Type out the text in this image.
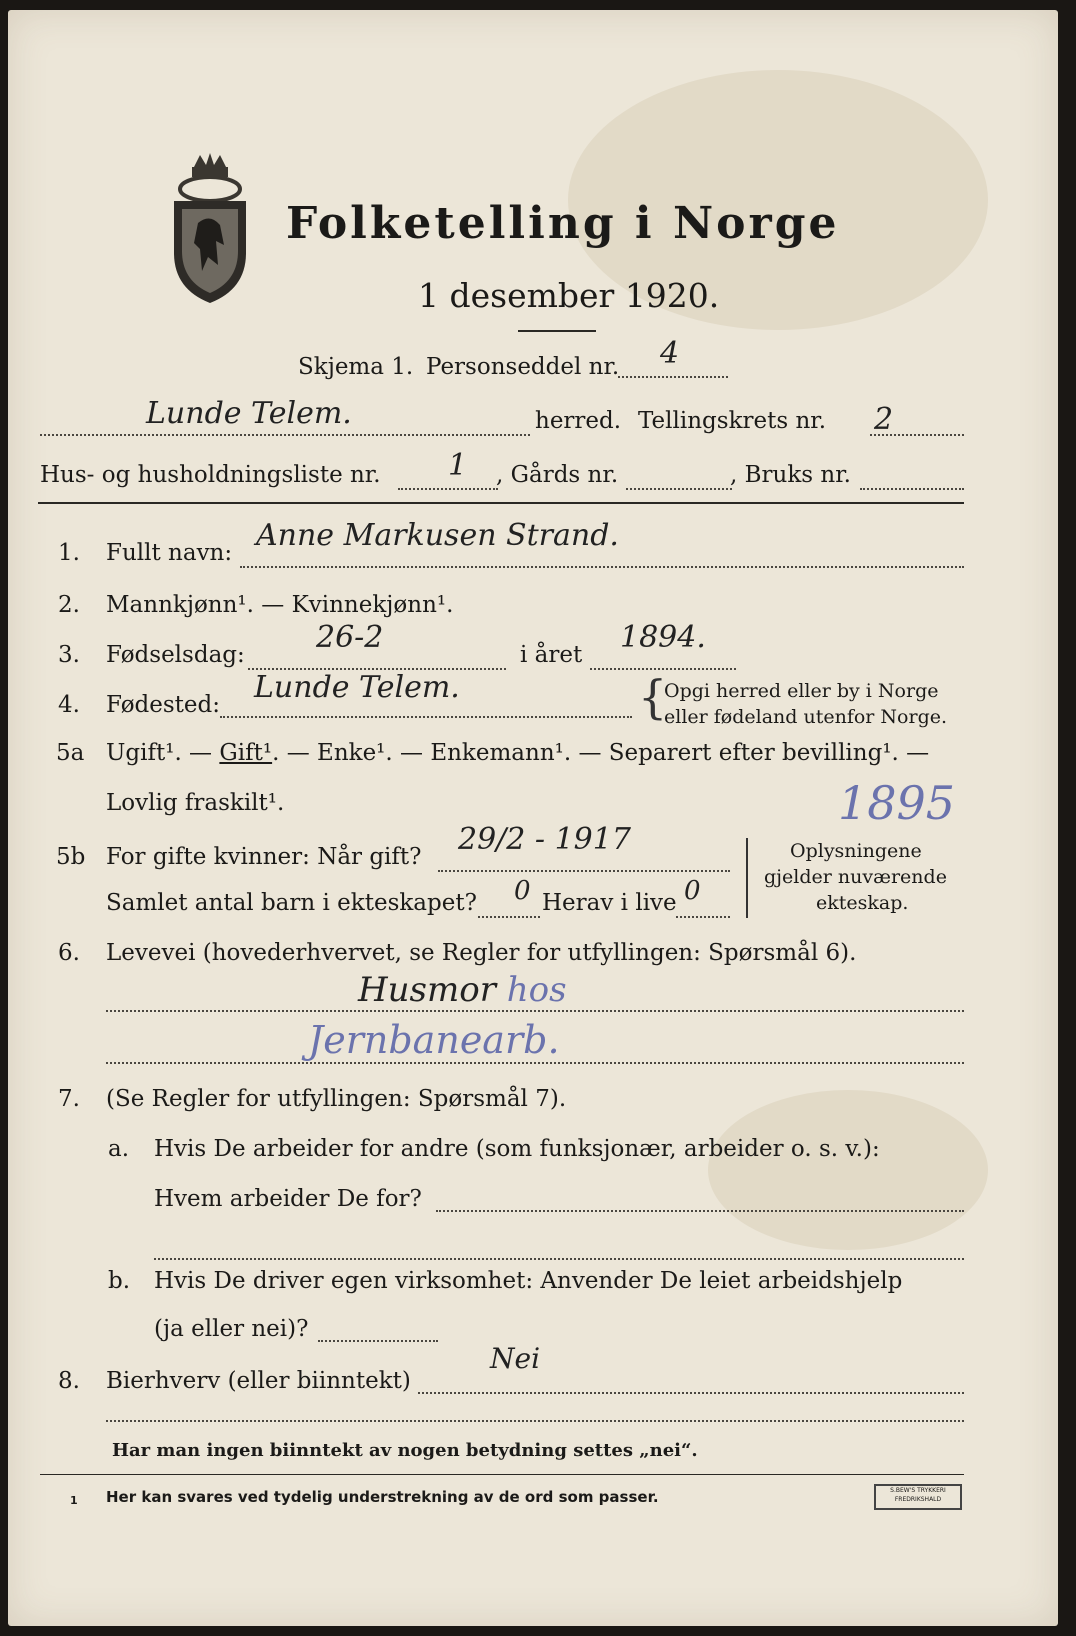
Folketelling i Norge
1 desember 1920.
Skjema 1. Personseddel nr. 4
Lunde Telem.	herred. Tellingskrets nr. 2
Hus- og husholdningsliste nr. 1 , Gårds nr.	, Bruks nr.
1. Fullt navn: Anne Markusen Strand.
2. Mannkjønn¹. — Kvinnekjønn¹.
3. Fødselsdag: 26-2	i året 1894.
4. Fødested: Lunde Telem.	{
Opgi herred eller by i Norge
eller fødeland utenfor Norge.
5a Ugift¹. — Gift¹. — Enke¹. — Enkemann¹. — Separert efter bevilling¹. —
Lovlig fraskilt¹.	1895
5b For gifte kvinner: Når gift? 29/2 - 1917
Samlet antal barn i ekteskapet? 0 Herav i live 0
Oplysningene
gjelder nuværende
ekteskap.
6. Levevei (hovederhvervet, se Regler for utfyllingen: Spørsmål 6).
Husmor hos
Jernbanearb.
7. (Se Regler for utfyllingen: Spørsmål 7).
a. Hvis De arbeider for andre (som funksjonær, arbeider o. s. v.):
Hvem arbeider De for?
b. Hvis De driver egen virksomhet: Anvender De leiet arbeidshjelp
(ja eller nei)?
8. Bierhverv (eller biinntekt)
Nei
Har man ingen biinntekt av nogen betydning settes „nei“.
1 Her kan svares ved tydelig understrekning av de ord som passer.	S.BEW'S TRYKKERI FREDRIKSHALD
